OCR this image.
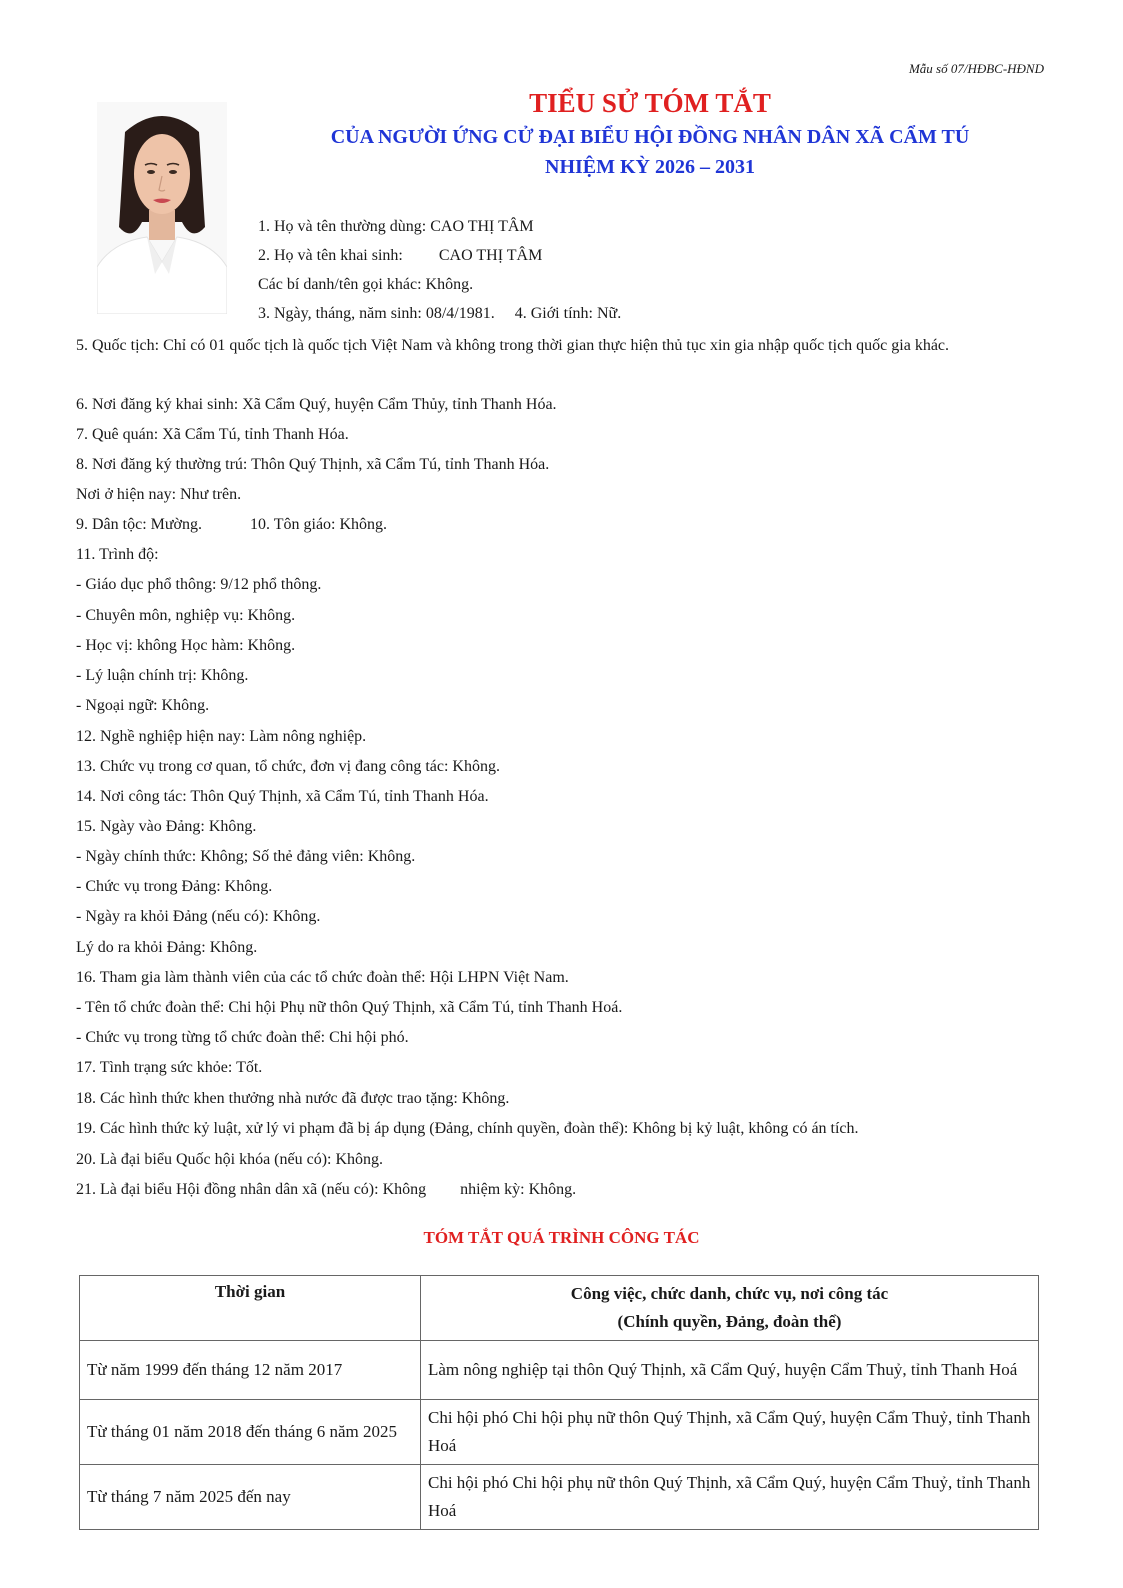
Mẫu số 07/HĐBC-HĐND
TIỂU SỬ TÓM TẮT
CỦA NGƯỜI ỨNG CỬ ĐẠI BIỂU HỘI ĐỒNG NHÂN DÂN XÃ CẨM TÚ
NHIỆM KỲ 2026 – 2031
1. Họ và tên thường dùng: CAO THỊ TÂM
2. Họ và tên khai sinh: CAO THỊ TÂM
Các bí danh/tên gọi khác: Không.
3. Ngày, tháng, năm sinh: 08/4/1981. 4. Giới tính: Nữ.
5. Quốc tịch: Chỉ có 01 quốc tịch là quốc tịch Việt Nam và không trong thời gian thực hiện thủ tục xin gia nhập quốc tịch quốc gia khác.
6. Nơi đăng ký khai sinh: Xã Cẩm Quý, huyện Cẩm Thủy, tỉnh Thanh Hóa.
7. Quê quán: Xã Cẩm Tú, tỉnh Thanh Hóa.
8. Nơi đăng ký thường trú: Thôn Quý Thịnh, xã Cẩm Tú, tỉnh Thanh Hóa.
Nơi ở hiện nay: Như trên.
9. Dân tộc: Mường.	10. Tôn giáo: Không.
11. Trình độ:
- Giáo dục phổ thông: 9/12 phổ thông.
- Chuyên môn, nghiệp vụ: Không.
- Học vị: không Học hàm: Không.
- Lý luận chính trị: Không.
- Ngoại ngữ: Không.
12. Nghề nghiệp hiện nay: Làm nông nghiệp.
13. Chức vụ trong cơ quan, tổ chức, đơn vị đang công tác: Không.
14. Nơi công tác: Thôn Quý Thịnh, xã Cẩm Tú, tỉnh Thanh Hóa.
15. Ngày vào Đảng: Không.
- Ngày chính thức: Không; Số thẻ đảng viên: Không.
- Chức vụ trong Đảng: Không.
- Ngày ra khỏi Đảng (nếu có): Không.
Lý do ra khỏi Đảng: Không.
16. Tham gia làm thành viên của các tổ chức đoàn thể: Hội LHPN Việt Nam.
- Tên tổ chức đoàn thể: Chi hội Phụ nữ thôn Quý Thịnh, xã Cẩm Tú, tỉnh Thanh Hoá.
- Chức vụ trong từng tổ chức đoàn thể: Chi hội phó.
17. Tình trạng sức khỏe: Tốt.
18. Các hình thức khen thưởng nhà nước đã được trao tặng: Không.
19. Các hình thức kỷ luật, xử lý vi phạm đã bị áp dụng (Đảng, chính quyền, đoàn thể): Không bị kỷ luật, không có án tích.
20. Là đại biểu Quốc hội khóa (nếu có): Không.
21. Là đại biểu Hội đồng nhân dân xã (nếu có): Không nhiệm kỳ: Không.
TÓM TẮT QUÁ TRÌNH CÔNG TÁC
Thời gian	Công việc, chức danh, chức vụ, nơi công tác
(Chính quyền, Đảng, đoàn thể)

Từ năm 1999 đến tháng 12 năm 2017	Làm nông nghiệp tại thôn Quý Thịnh, xã Cẩm Quý, huyện Cẩm Thuỷ, tỉnh Thanh Hoá
Từ tháng 01 năm 2018 đến tháng 6 năm 2025	Chi hội phó Chi hội phụ nữ thôn Quý Thịnh, xã Cẩm Quý, huyện Cẩm Thuỷ, tỉnh Thanh Hoá
Từ tháng 7 năm 2025 đến nay	Chi hội phó Chi hội phụ nữ thôn Quý Thịnh, xã Cẩm Quý, huyện Cẩm Thuỷ, tỉnh Thanh Hoá
